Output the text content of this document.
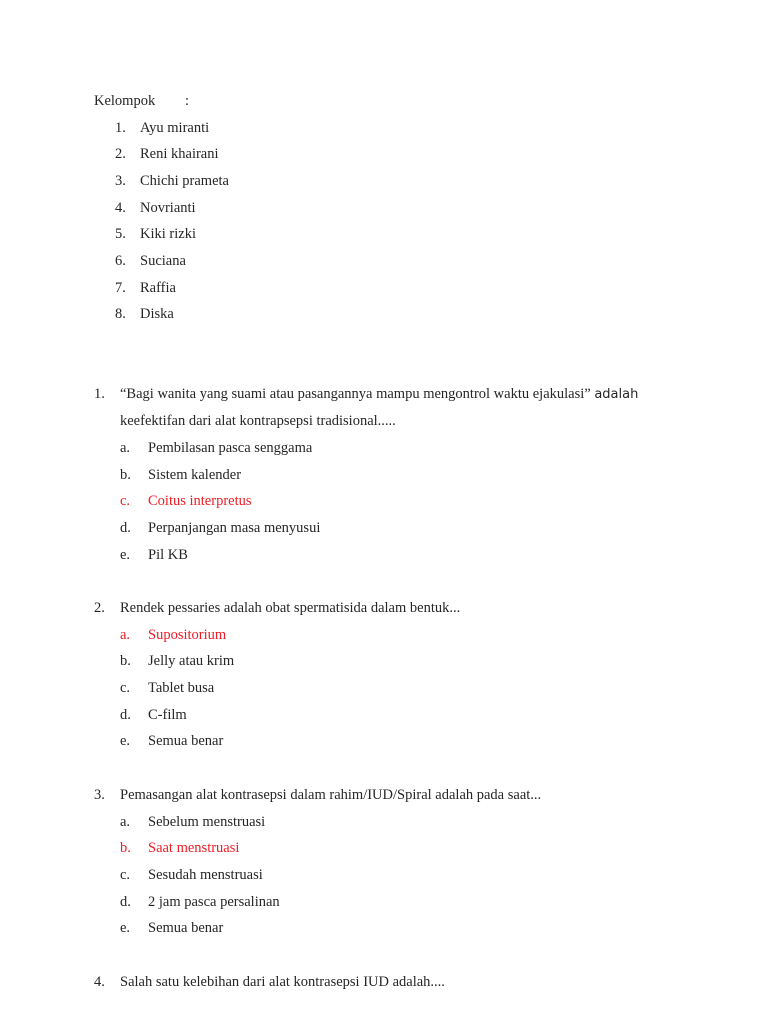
Kelompok :
1. Ayu miranti
2. Reni khairani
3. Chichi prameta
4. Novrianti
5. Kiki rizki
6. Suciana
7. Raffia
8. Diska
1. “Bagi wanita yang suami atau pasangannya mampu mengontrol waktu ejakulasi” adalah
keefektifan dari alat kontrapsepsi tradisional.....
a. Pembilasan pasca senggama
b. Sistem kalender
c. Coitus interpretus
d. Perpanjangan masa menyusui
e. Pil KB
2. Rendek pessaries adalah obat spermatisida dalam bentuk...
a. Supositorium
b. Jelly atau krim
c. Tablet busa
d. C-film
e. Semua benar
3. Pemasangan alat kontrasepsi dalam rahim/IUD/Spiral adalah pada saat...
a. Sebelum menstruasi
b. Saat menstruasi
c. Sesudah menstruasi
d. 2 jam pasca persalinan
e. Semua benar
4. Salah satu kelebihan dari alat kontrasepsi IUD adalah....
